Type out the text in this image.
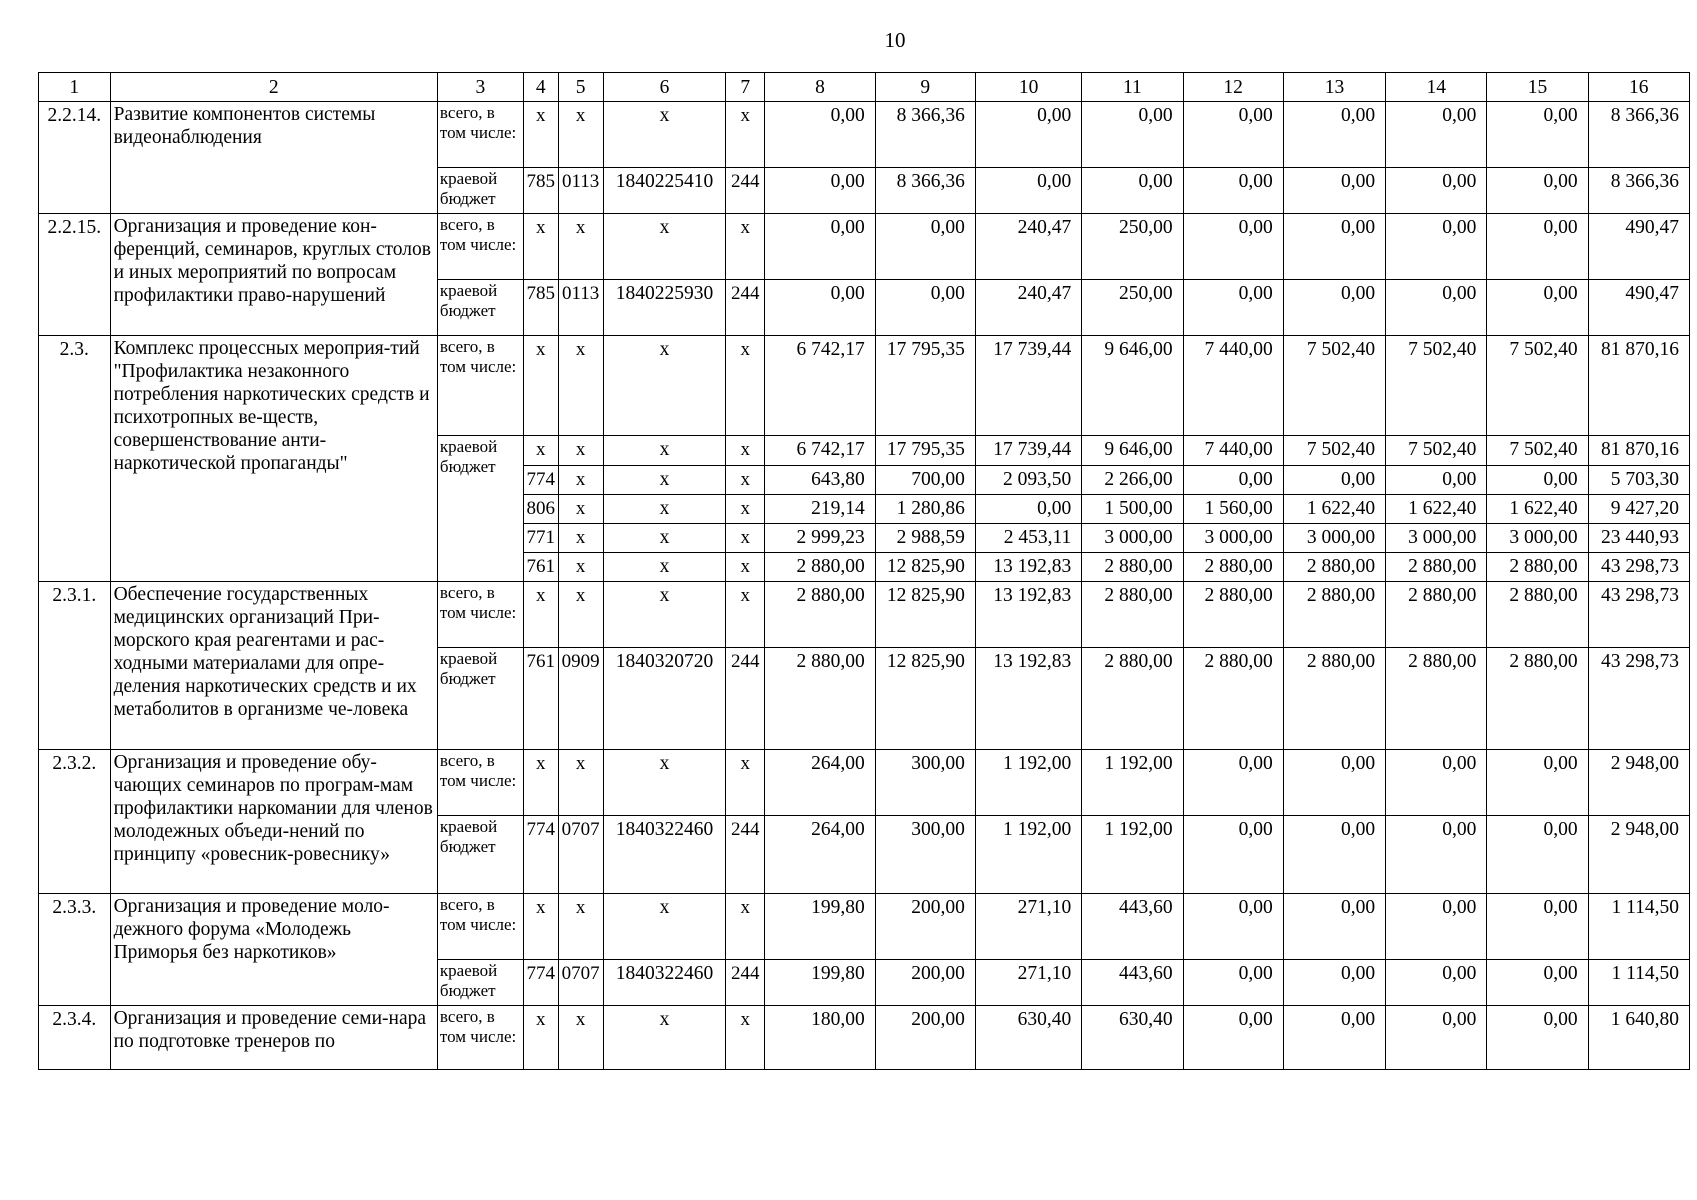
10
1	2	3	4	5	6	7	8	9	10	11	12	13	14	15	16
2.2.14.	Развитие компонентов системы видеонаблюдения	всего, в том числе:	x	x	x	x	0,00	8 366,36	0,00	0,00	0,00	0,00	0,00	0,00	8 366,36
		краевой бюджет	785	0113	1840225410	244	0,00	8 366,36	0,00	0,00	0,00	0,00	0,00	0,00	8 366,36
2.2.15.	Организация и проведение кон-ференций, семинаров, круглых столов и иных мероприятий по вопросам профилактики право-нарушений	всего, в том числе:	x	x	x	x	0,00	0,00	240,47	250,00	0,00	0,00	0,00	0,00	490,47
		краевой бюджет	785	0113	1840225930	244	0,00	0,00	240,47	250,00	0,00	0,00	0,00	0,00	490,47
2.3.	Комплекс процессных мероприя-тий "Профилактика незаконного потребления наркотических средств и психотропных ве-ществ, совершенствование анти-наркотической пропаганды"	всего, в том числе:	x	x	x	x	6 742,17	17 795,35	17 739,44	9 646,00	7 440,00	7 502,40	7 502,40	7 502,40	81 870,16
		краевой бюджет	x	x	x	x	6 742,17	17 795,35	17 739,44	9 646,00	7 440,00	7 502,40	7 502,40	7 502,40	81 870,16
			774	x	x	x	643,80	700,00	2 093,50	2 266,00	0,00	0,00	0,00	0,00	5 703,30
			806	x	x	x	219,14	1 280,86	0,00	1 500,00	1 560,00	1 622,40	1 622,40	1 622,40	9 427,20
			771	x	x	x	2 999,23	2 988,59	2 453,11	3 000,00	3 000,00	3 000,00	3 000,00	3 000,00	23 440,93
			761	x	x	x	2 880,00	12 825,90	13 192,83	2 880,00	2 880,00	2 880,00	2 880,00	2 880,00	43 298,73
2.3.1.	Обеспечение государственных медицинских организаций При-морского края реагентами и рас-ходными материалами для опре-деления наркотических средств и их метаболитов в организме че-ловека	всего, в том числе:	x	x	x	x	2 880,00	12 825,90	13 192,83	2 880,00	2 880,00	2 880,00	2 880,00	2 880,00	43 298,73
		краевой бюджет	761	0909	1840320720	244	2 880,00	12 825,90	13 192,83	2 880,00	2 880,00	2 880,00	2 880,00	2 880,00	43 298,73
2.3.2.	Организация и проведение обу-чающих семинаров по програм-мам профилактики наркомании для членов молодежных объеди-нений по принципу «ровесник-ровеснику»	всего, в том числе:	x	x	x	x	264,00	300,00	1 192,00	1 192,00	0,00	0,00	0,00	0,00	2 948,00
		краевой бюджет	774	0707	1840322460	244	264,00	300,00	1 192,00	1 192,00	0,00	0,00	0,00	0,00	2 948,00
2.3.3.	Организация и проведение моло-дежного форума «Молодежь Приморья без наркотиков»	всего, в том числе:	x	x	x	x	199,80	200,00	271,10	443,60	0,00	0,00	0,00	0,00	1 114,50
		краевой бюджет	774	0707	1840322460	244	199,80	200,00	271,10	443,60	0,00	0,00	0,00	0,00	1 114,50
2.3.4.	Организация и проведение семи-нара по подготовке тренеров по	всего, в том числе:	x	x	x	x	180,00	200,00	630,40	630,40	0,00	0,00	0,00	0,00	1 640,80
